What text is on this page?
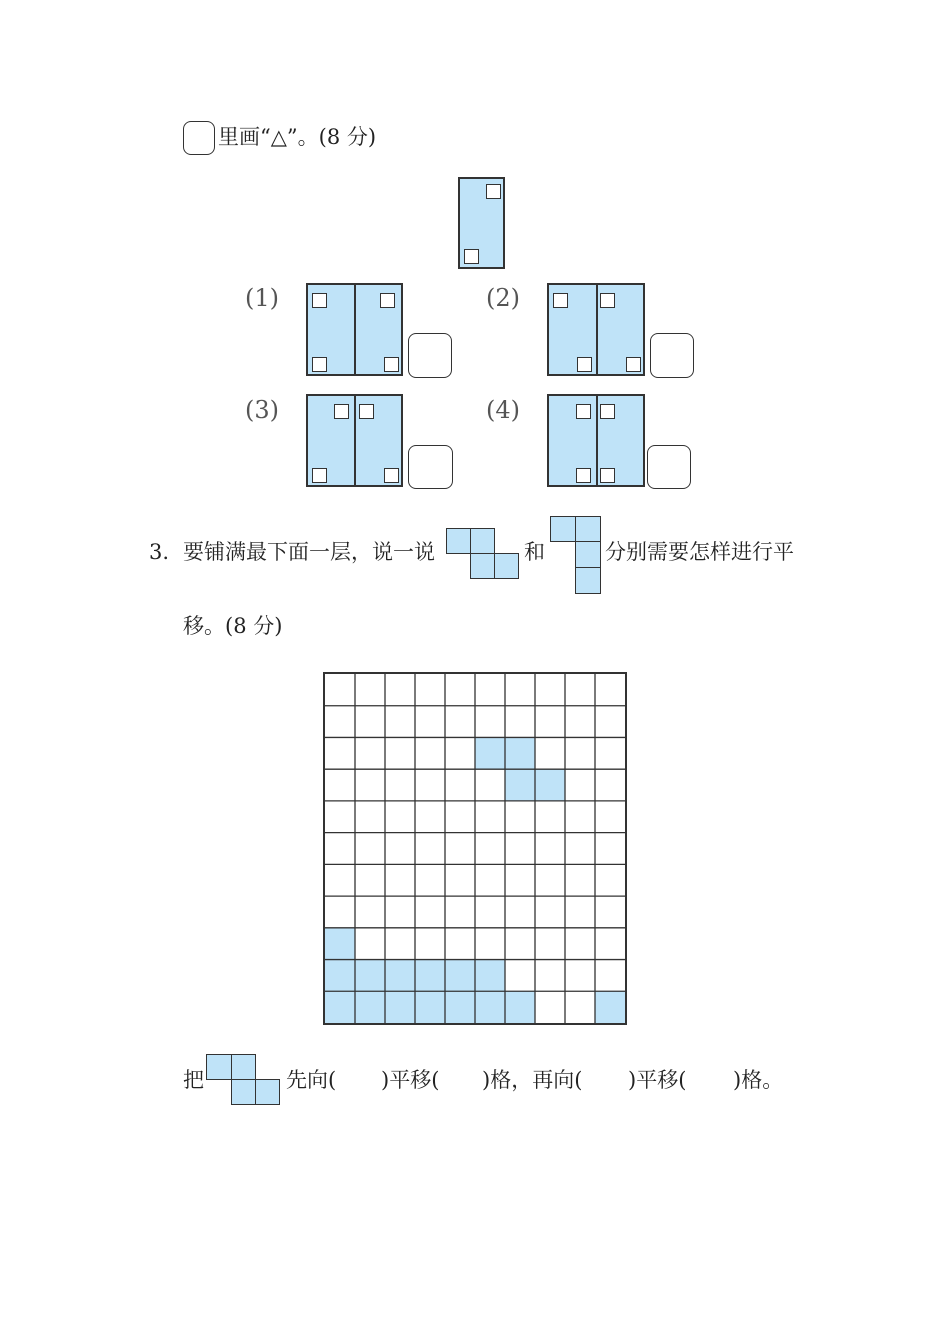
里画“△”。(8 分)
(1)	(2)
(3)	(4)
3. 要铺满最下面一层，说一说	和	分别需要怎样进行平
移。(8 分)
把	先向( )平移( )格，再向( )平移( )格。
